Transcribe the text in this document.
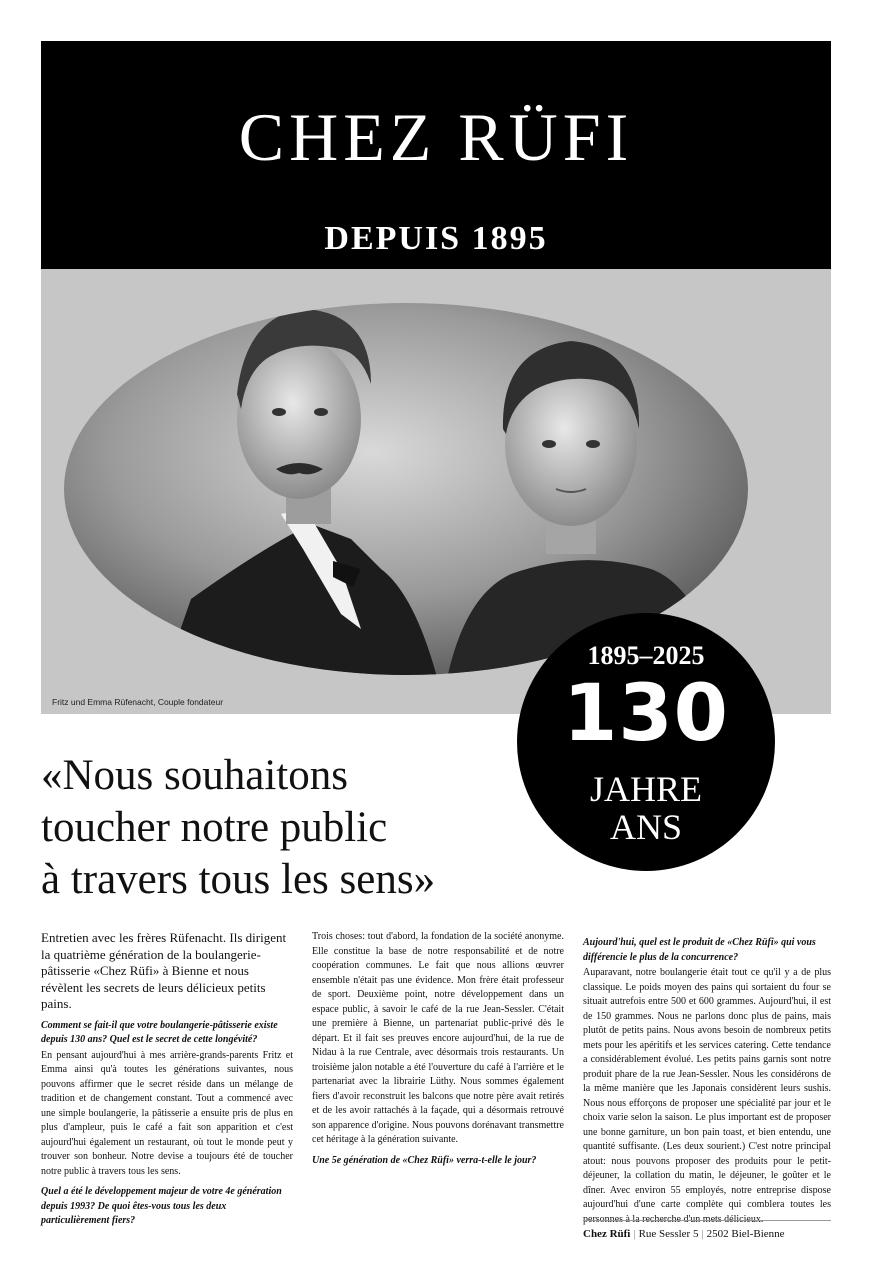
CHEZ RÜFI
DEPUIS 1895
Fritz und Emma Rüfenacht, Couple fondateur
1895–2025
130
JAHRE
ANS
«Nous souhaitons
toucher notre public
à travers tous les sens»

Entretien avec les frères Rüfenacht. Ils dirigent la quatrième génération de la boulangerie-pâtisserie «Chez Rüfi» à Bienne et nous révèlent les secrets de leurs délicieux petits pains.

Comment se fait-il que votre boulangerie-pâtisserie existe depuis 130 ans? Quel est le secret de cette longévité?

En pensant aujourd'hui à mes arrière-grands-parents Fritz et Emma ainsi qu'à toutes les générations suivantes, nous pouvons affirmer que le secret réside dans un mélange de tradition et de changement constant. Tout a commencé avec une simple boulangerie, la pâtisserie a ensuite pris de plus en plus d'ampleur, puis le café a fait son apparition et c'est aujourd'hui également un restaurant, où tout le monde peut y trouver son bonheur. Notre devise a toujours été de toucher notre public à travers tous les sens.

Quel a été le développement majeur de votre 4e génération depuis 1993? De quoi êtes-vous tous les deux particulièrement fiers?

Trois choses: tout d'abord, la fondation de la société anonyme. Elle constitue la base de notre responsabilité et de notre coopération communes. Le fait que nous allions œuvrer ensemble n'était pas une évidence. Mon frère était professeur de sport. Deuxième point, notre développement dans un espace public, à savoir le café de la rue Jean-Sessler. C'était une première à Bienne, un partenariat public-privé dès le départ. Et il fait ses preuves encore aujourd'hui, de la rue de Nidau à la rue Centrale, avec désormais trois restaurants. Un troisième jalon notable a été l'ouverture du café à l'arrière et le partenariat avec la librairie Lüthy. Nous sommes également fiers d'avoir reconstruit les balcons que notre père avait retirés et de les avoir rattachés à la façade, qui a désormais retrouvé son apparence d'origine. Nous pouvons dorénavant transmettre cet héritage à la génération suivante.

Une 5e génération de «Chez Rüfi» verra-t-elle le jour?

Aujourd'hui, quel est le produit de «Chez Rüfi» qui vous différencie le plus de la concurrence?

Auparavant, notre boulangerie était tout ce qu'il y a de plus classique. Le poids moyen des pains qui sortaient du four se situait autrefois entre 500 et 600 grammes. Aujourd'hui, il est de 150 grammes. Nous ne parlons donc plus de pains, mais plutôt de petits pains. Nous avons besoin de nombreux petits mets pour les apéritifs et les services catering. Cette tendance a considérablement évolué. Les petits pains garnis sont notre produit phare de la rue Jean-Sessler. Nous les considérons de la même manière que les Japonais considèrent leurs sushis. Nous nous efforçons de proposer une spécialité par jour et le choix varie selon la saison. Le plus important est de proposer une bonne garniture, un bon pain toast, et bien entendu, une quantité suffisante. (Les deux sourient.) C'est notre principal atout: nous pouvons proposer des produits pour le petit-déjeuner, la collation du matin, le déjeuner, le goûter et le dîner. Avec environ 55 employés, notre entreprise dispose aujourd'hui d'une carte complète qui comblera toutes les personnes à la recherche d'un mets délicieux.

Chez Rüfi | Rue Sessler 5 | 2502 Biel-Bienne
